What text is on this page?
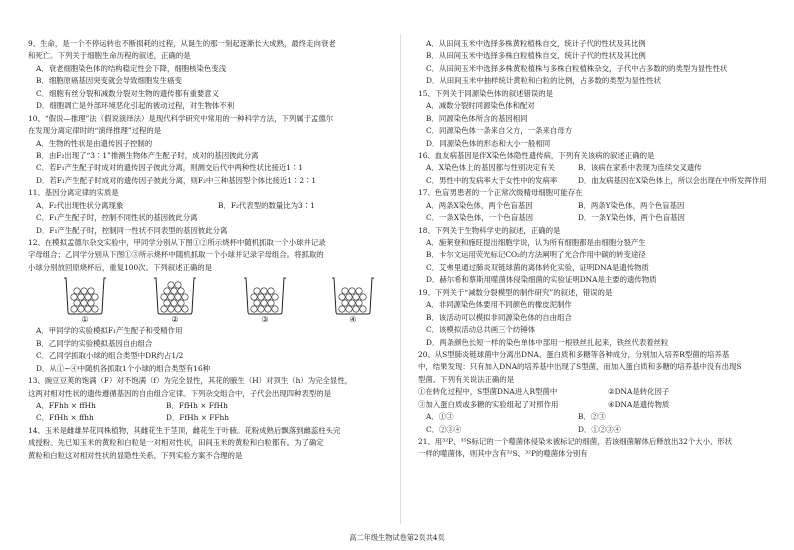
9、生命，是一个不停运转也不断损耗的过程，从诞生的那一刻起逐渐长大成熟，最终走向衰老
和死亡。下列关于细胞生命历程的叙述，正确的是
A．衰老细胞染色体的结构稳定性会下降，细胞核染色变浅
B．细胞原癌基因突变就会导致细胞发生癌变
C．细胞有丝分裂和减数分裂对生物的遗传都有重要意义
D．细胞凋亡是外部环境恶化引起的被动过程，对生物体不利
10、“假说—推理”法（假说演绎法）是现代科学研究中常用的一种科学方法，下列属于孟德尔
在发现分离定律时的“演绎推理”过程的是
A．生物的性状是由遗传因子控制的
B．由F₂出现了“3∶1”推测生物体产生配子时，成对的基因彼此分离
C．若F₁产生配子时成对的遗传因子彼此分离，则测交后代中两种性状比接近1∶1
D．若F₁产生配子时成对的遗传因子彼此分离，则F₂中三种基因型个体比接近1∶2∶1
11、基因分离定律的实质是
A．F₂代出现性状分离现象	B．F₂代表型的数量比为3∶1
C．F₁产生配子时，控制不同性状的基因彼此分离
D．F₁产生配子时，控制同一性状不同表型的基因彼此分离
12、在模拟孟德尔杂交实验中，甲同学分别从下图①②所示烧杯中随机抓取一个小球并记录
字母组合；乙同学分别从下图①③所示烧杯中随机抓取一个小球并记录字母组合。将抓取的
小球分别放回原烧杯后，重复100次。下列叙述正确的是
①	②	③	④
A．甲同学的实验模拟F₁产生配子和受精作用
B．乙同学的实验模拟基因自由组合
C．乙同学抓取小球的组合类型中DR约占1/2
D．从①~④中随机各抓取1个小球的组合类型有16种
13、豌豆豆荚的饱满（F）对不饱满（f）为完全显性，其花的腋生（H）对顶生（h）为完全显性，
这两对相对性状的遗传遵循基因的自由组合定律。下列杂交组合中，子代会出现四种表型的是
A．FFhh × ffHh	B．FfHh × FfHh
C．FfHh × ffhh	D．FfHh × FFhh
14、玉米是雌雄异花同株植物，其雌花生于茎顶，雌花生于叶腋。花粉成熟后飘落到雌蕊柱头完
成授粉。先已知玉米的黄粒和白粒是一对相对性状，田间玉米的黄粒和白粒都有。为了确定
黄粒和白粒这对相对性状的显隐性关系，下列实验方案不合理的是
A．从田间玉米中选择多株黄粒植株自交，统计子代的性状及其比例
B．从田间玉米中选择多株白粒植株自交，统计子代的性状及其比例
C．从田间玉米中选择多株黄粒植株与多株白粒植株杂交，子代中占多数的的类型为显性性状
D．从田间玉米中抽样统计黄粒和白粒的比例，占多数的类型为显性性状
15、下列关于同源染色体的叙述错误的是
A．减数分裂时同源染色体和配对
B．同源染色体所含的基因相同
C．同源染色体一条来自父方，一条来自母方
D．同源染色体的形态和大小一般相同
16、血友病基因是伴X染色体隐性遗传病，下列有关该病的叙述正确的是
A．X染色体上的基因都与性别决定有关	B．该病在家系中表现为连续交叉遗传
C．男性中的发病率大于女性中的发病率	D．血友病基因在X染色体上，所以会出现在中所发挥作用
17、色盲男患者的一个正常次级精母细胞可能存在
A．两条X染色体，两个色盲基因	B．两条Y染色体，两个色盲基因
C．一条X染色体，一个色盲基因	D．一条Y染色体，两个色盲基因
18、下列关于生物科学史的叙述，正确的是
A．施莱登和施旺提出细胞学说，认为所有细胞都是由细胞分裂产生
B．卡尔文运用荧光标记CO₂的方法阐明了光合作用中碳的转变途径
C．艾弗里通过肺炎双链球菌的离体转化实验，证明DNA是遗传物质
D．赫尔希和蔡斯用噬菌体侵染细菌的实验证明DNA是主要的遗传物质
19、下列关于“减数分裂模型的制作研究”的叙述，错误的是
A．非同源染色体要用不同颜色的橡皮泥制作
B．该活动可以模拟非同源染色体的自由组合
C．该模拟活动总共画三个纺锤体
D．两条颜色长短一样的染色单体中部用一根铁丝扎起来，铁丝代表着丝粒
20、从S型肺炎链球菌中分离出DNA、蛋白质和多糖等各种成分，分别加入培养R型菌的培养基
中，结果发现：只有加入DNA的培养基中出现了S型菌，而加入蛋白质和多糖的培养基中没有出现S
型菌。下列有关说法正确的是
①在转化过程中，S型菌DNA进入R型菌中	②DNA是转化因子
③加入蛋白质或多糖的实验组起了对照作用	④DNA是遗传物质
A．①③	B．②③
C．②③④	D．①②③④
21、用³²P、³⁵S标记的一个噬菌体侵染未被标记的细菌，若该细菌解体后释放出32个大小、形状
一样的噬菌体，则其中含有³²S、³²P的噬菌体分别有
高二年级生物试卷第2页共4页
